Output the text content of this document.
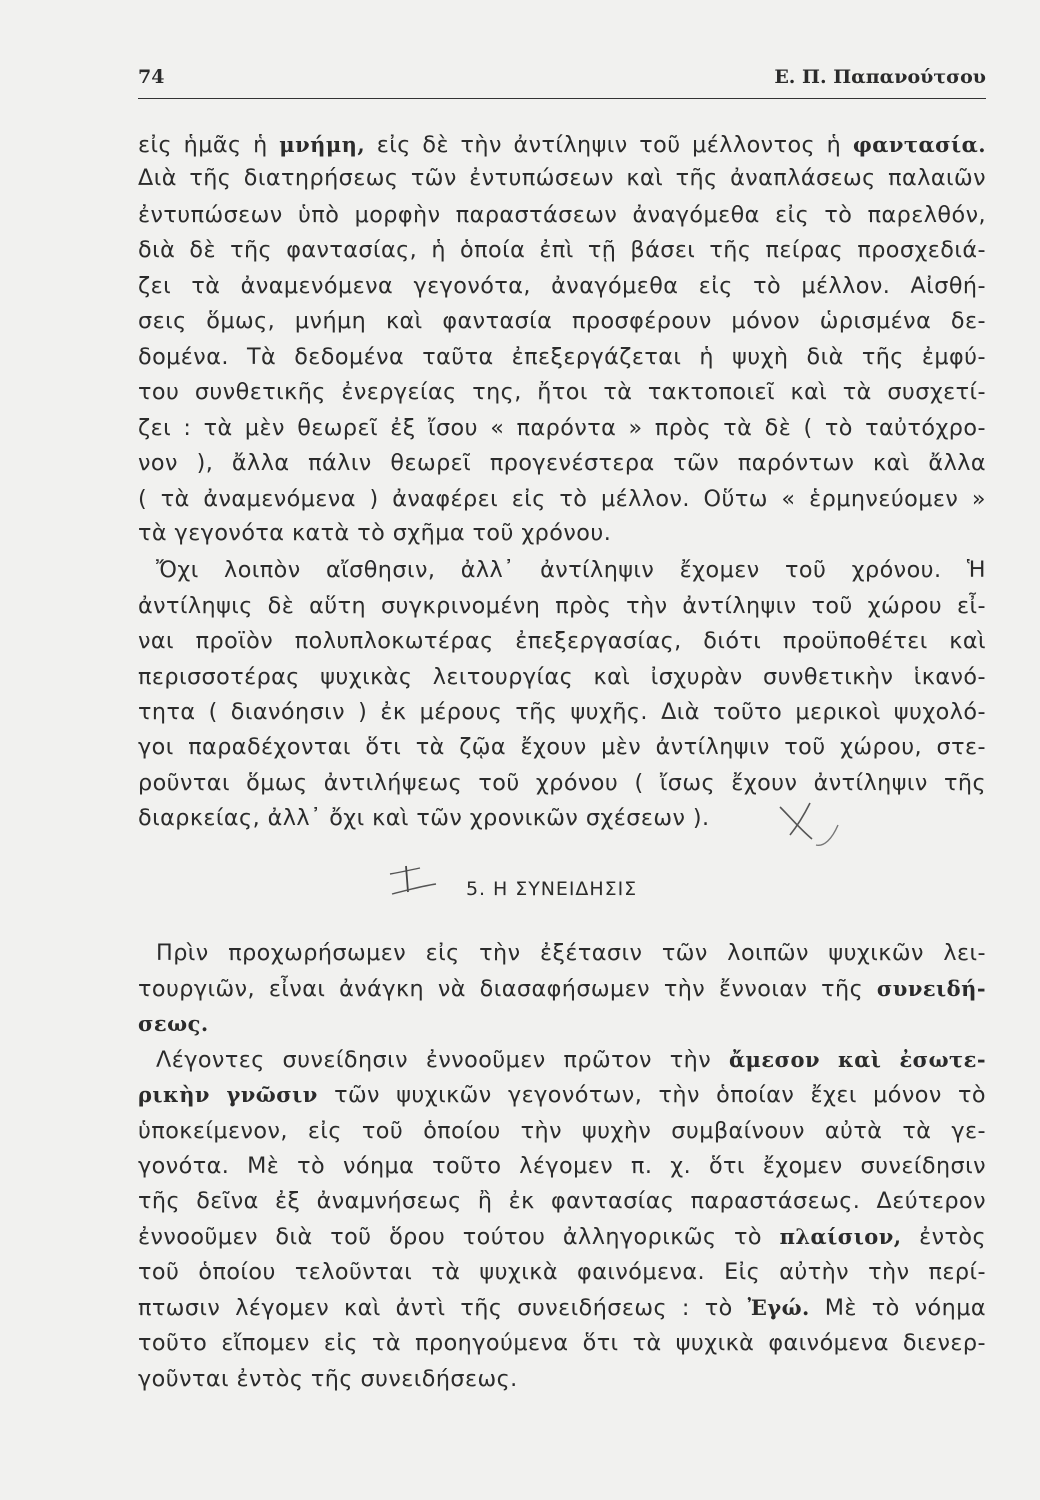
74	Ε. Π. Παπανούτσου

εἰς ἡμᾶς ἡ μνήμη, εἰς δὲ τὴν ἀντίληψιν τοῦ μέλλοντος ἡ φαντασία.

Διὰ τῆς διατηρήσεως τῶν ἐντυπώσεων καὶ τῆς ἀναπλάσεως παλαιῶν

ἐντυπώσεων ὑπὸ μορφὴν παραστάσεων ἀναγόμεθα εἰς τὸ παρελθόν,

διὰ δὲ τῆς φαντασίας, ἡ ὁποία ἐπὶ τῇ βάσει τῆς πείρας προσχεδιά-

ζει τὰ ἀναμενόμενα γεγονότα, ἀναγόμεθα εἰς τὸ μέλλον. Αἰσθή-

σεις ὅμως, μνήμη καὶ φαντασία προσφέρουν μόνον ὡρισμένα δε-

δομένα. Τὰ δεδομένα ταῦτα ἐπεξεργάζεται ἡ ψυχὴ διὰ τῆς ἐμφύ-

του συνθετικῆς ἐνεργείας της, ἤτοι τὰ τακτοποιεῖ καὶ τὰ συσχετί-

ζει : τὰ μὲν θεωρεῖ ἐξ ἴσου « παρόντα » πρὸς τὰ δὲ ( τὸ ταὐτόχρο-

νον ), ἄλλα πάλιν θεωρεῖ προγενέστερα τῶν παρόντων καὶ ἄλλα

( τὰ ἀναμενόμενα ) ἀναφέρει εἰς τὸ μέλλον. Οὕτω « ἑρμηνεύομεν »

τὰ γεγονότα κατὰ τὸ σχῆμα τοῦ χρόνου.

Ὄχι λοιπὸν αἴσθησιν, ἀλλ᾽ ἀντίληψιν ἔχομεν τοῦ χρόνου. Ἡ

ἀντίληψις δὲ αὕτη συγκρινομένη πρὸς τὴν ἀντίληψιν τοῦ χώρου εἶ-

ναι προϊὸν πολυπλοκωτέρας ἐπεξεργασίας, διότι προϋποθέτει καὶ

περισσοτέρας ψυχικὰς λειτουργίας καὶ ἰσχυρὰν συνθετικὴν ἱκανό-

τητα ( διανόησιν ) ἐκ μέρους τῆς ψυχῆς. Διὰ τοῦτο μερικοὶ ψυχολό-

γοι παραδέχονται ὅτι τὰ ζῷα ἔχουν μὲν ἀντίληψιν τοῦ χώρου, στε-

ροῦνται ὅμως ἀντιλήψεως τοῦ χρόνου ( ἴσως ἔχουν ἀντίληψιν τῆς

διαρκείας, ἀλλ᾽ ὄχι καὶ τῶν χρονικῶν σχέσεων ).

5. Η ΣΥΝΕΙΔΗΣΙΣ

Πρὶν προχωρήσωμεν εἰς τὴν ἐξέτασιν τῶν λοιπῶν ψυχικῶν λει-

τουργιῶν, εἶναι ἀνάγκη νὰ διασαφήσωμεν τὴν ἔννοιαν τῆς συνειδή-

σεως.

Λέγοντες συνείδησιν ἐννοοῦμεν πρῶτον τὴν ἄμεσον καὶ ἐσωτε-

ρικὴν γνῶσιν τῶν ψυχικῶν γεγονότων, τὴν ὁποίαν ἔχει μόνον τὸ

ὑποκείμενον, εἰς τοῦ ὁποίου τὴν ψυχὴν συμβαίνουν αὐτὰ τὰ γε-

γονότα. Μὲ τὸ νόημα τοῦτο λέγομεν π. χ. ὅτι ἔχομεν συνείδησιν

τῆς δεῖνα ἐξ ἀναμνήσεως ἢ ἐκ φαντασίας παραστάσεως. Δεύτερον

ἐννοοῦμεν διὰ τοῦ ὅρου τούτου ἀλληγορικῶς τὸ πλαίσιον, ἐντὸς

τοῦ ὁποίου τελοῦνται τὰ ψυχικὰ φαινόμενα. Εἰς αὐτὴν τὴν περί-

πτωσιν λέγομεν καὶ ἀντὶ τῆς συνειδήσεως : τὸ Ἐγώ. Μὲ τὸ νόημα

τοῦτο εἴπομεν εἰς τὰ προηγούμενα ὅτι τὰ ψυχικὰ φαινόμενα διενερ-

γοῦνται ἐντὸς τῆς συνειδήσεως.
